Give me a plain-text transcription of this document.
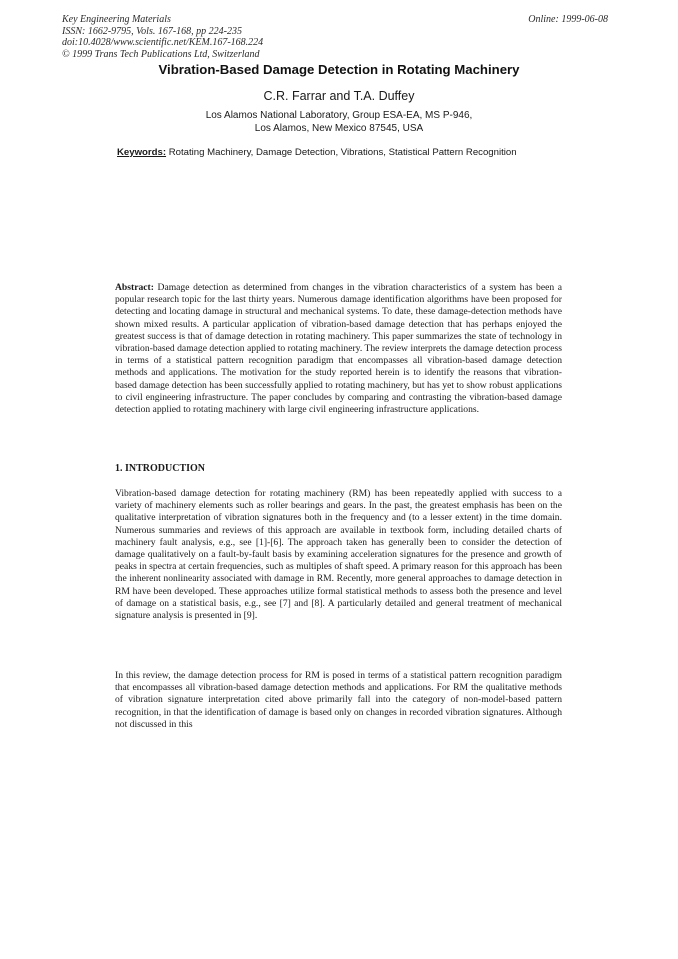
Key Engineering Materials
ISSN: 1662-9795, Vols. 167-168, pp 224-235
doi:10.4028/www.scientific.net/KEM.167-168.224
© 1999 Trans Tech Publications Ltd, Switzerland
Online: 1999-06-08
Vibration-Based Damage Detection in Rotating Machinery
C.R. Farrar and T.A. Duffey
Los Alamos National Laboratory, Group ESA-EA, MS P-946,
Los Alamos, New Mexico 87545, USA
Keywords: Rotating Machinery, Damage Detection, Vibrations, Statistical Pattern Recognition

Abstract: Damage detection as determined from changes in the vibration characteristics of a system has been a popular research topic for the last thirty years. Numerous damage identification algorithms have been proposed for detecting and locating damage in structural and mechanical systems. To date, these damage-detection methods have shown mixed results. A particular application of vibration-based damage detection that has perhaps enjoyed the greatest success is that of damage detection in rotating machinery. This paper summarizes the state of technology in vibration-based damage detection applied to rotating machinery. The review interprets the damage detection process in terms of a statistical pattern recognition paradigm that encompasses all vibration-based damage detection methods and applications. The motivation for the study reported herein is to identify the reasons that vibration-based damage detection has been successfully applied to rotating machinery, but has yet to show robust applications to civil engineering infrastructure. The paper concludes by comparing and contrasting the vibration-based damage detection applied to rotating machinery with large civil engineering infrastructure applications.

1. INTRODUCTION

Vibration-based damage detection for rotating machinery (RM) has been repeatedly applied with success to a variety of machinery elements such as roller bearings and gears. In the past, the greatest emphasis has been on the qualitative interpretation of vibration signatures both in the frequency and (to a lesser extent) in the time domain. Numerous summaries and reviews of this approach are available in textbook form, including detailed charts of machinery fault analysis, e.g., see [1]-[6]. The approach taken has generally been to consider the detection of damage qualitatively on a fault-by-fault basis by examining acceleration signatures for the presence and growth of peaks in spectra at certain frequencies, such as multiples of shaft speed. A primary reason for this approach has been the inherent nonlinearity associated with damage in RM. Recently, more general approaches to damage detection in RM have been developed. These approaches utilize formal statistical methods to assess both the presence and level of damage on a statistical basis, e.g., see [7] and [8]. A particularly detailed and general treatment of mechanical signature analysis is presented in [9].

In this review, the damage detection process for RM is posed in terms of a statistical pattern recognition paradigm that encompasses all vibration-based damage detection methods and applications. For RM the qualitative methods of vibration signature interpretation cited above primarily fall into the category of non-model-based pattern recognition, in that the identification of damage is based only on changes in recorded vibration signatures. Although not discussed in this
